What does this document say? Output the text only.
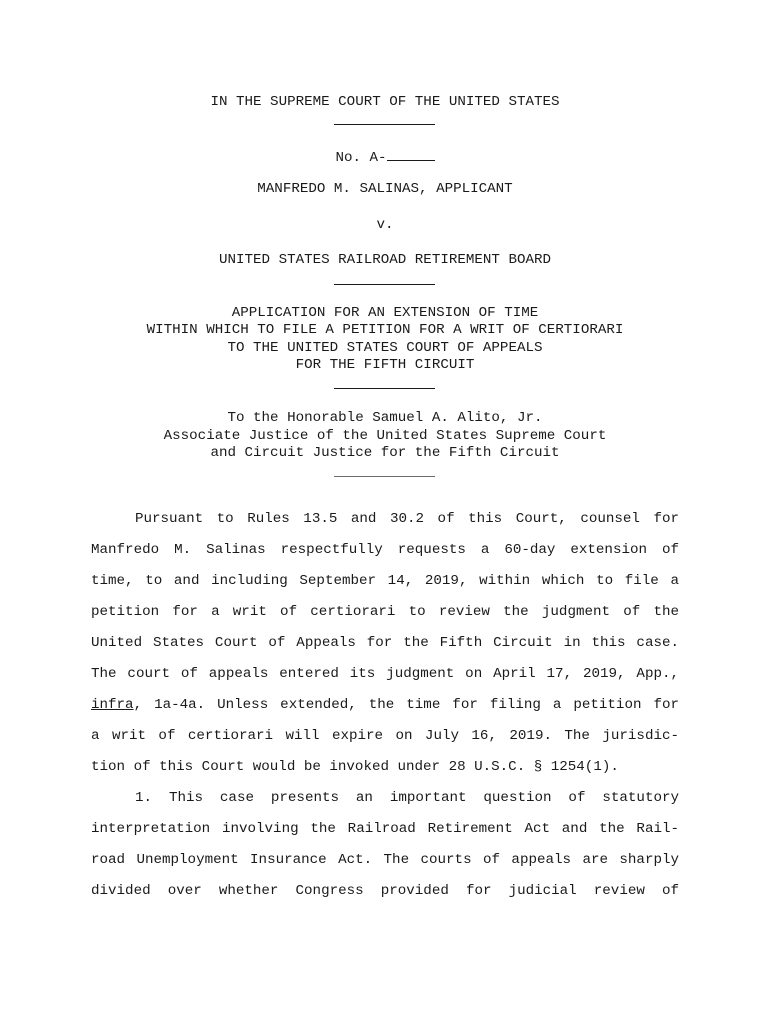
IN THE SUPREME COURT OF THE UNITED STATES
No. A-
MANFREDO M. SALINAS, APPLICANT
v.
UNITED STATES RAILROAD RETIREMENT BOARD
APPLICATION FOR AN EXTENSION OF TIME
WITHIN WHICH TO FILE A PETITION FOR A WRIT OF CERTIORARI
TO THE UNITED STATES COURT OF APPEALS
FOR THE FIFTH CIRCUIT
To the Honorable Samuel A. Alito, Jr.
Associate Justice of the United States Supreme Court
and Circuit Justice for the Fifth Circuit
Pursuant to Rules 13.5 and 30.2 of this Court, counsel for
Manfredo M. Salinas respectfully requests a 60-day extension of
time, to and including September 14, 2019, within which to file a
petition for a writ of certiorari to review the judgment of the
United States Court of Appeals for the Fifth Circuit in this case.
The court of appeals entered its judgment on April 17, 2019, App.,
infra, 1a-4a. Unless extended, the time for filing a petition for
a writ of certiorari will expire on July 16, 2019. The jurisdic-
tion of this Court would be invoked under 28 U.S.C. § 1254(1).
1. This case presents an important question of statutory
interpretation involving the Railroad Retirement Act and the Rail-
road Unemployment Insurance Act. The courts of appeals are sharply
divided over whether Congress provided for judicial review of
